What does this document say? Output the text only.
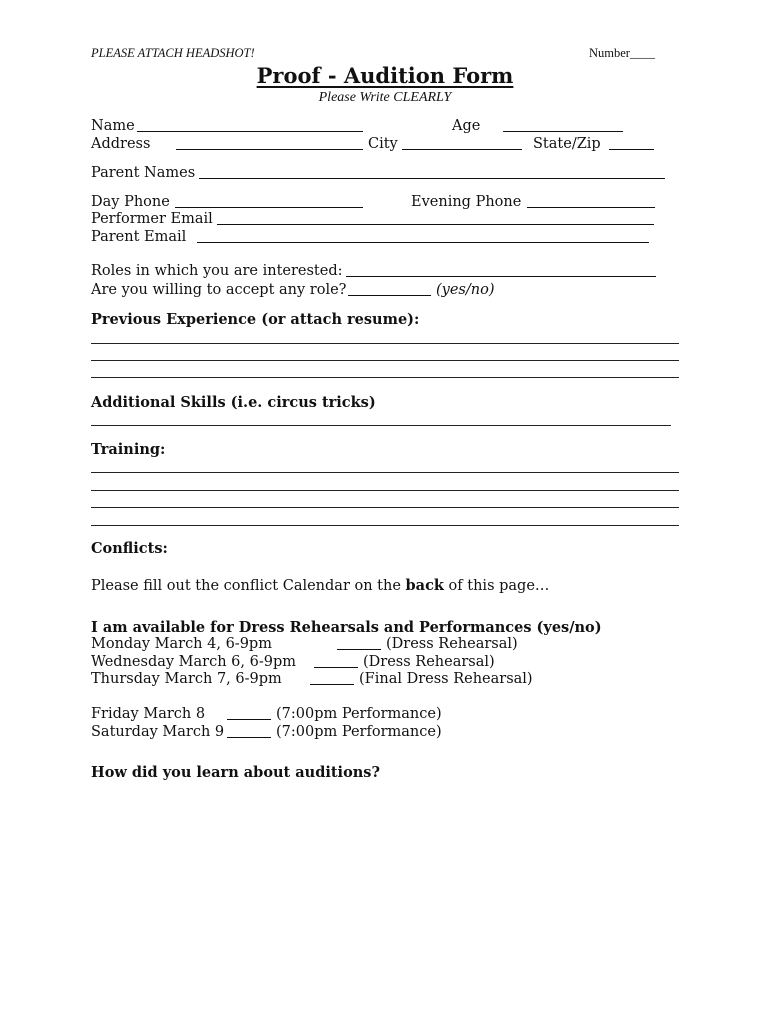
PLEASE ATTACH HEADSHOT!	Number____
Proof - Audition Form
Please Write CLEARLY
Name	Age
Address	City	State/Zip
Parent Names
Day Phone	Evening Phone
Performer Email
Parent Email
Roles in which you are interested:
Are you willing to accept any role?	(yes/no)
Previous Experience (or attach resume):
Additional Skills (i.e. circus tricks)
Training:
Conflicts:
Please fill out the conflict Calendar on the back of this page…
I am available for Dress Rehearsals and Performances (yes/no)
Monday March 4, 6-9pm	(Dress Rehearsal)
Wednesday March 6, 6-9pm	(Dress Rehearsal)
Thursday March 7, 6-9pm	(Final Dress Rehearsal)
Friday March 8	(7:00pm Performance)
Saturday March 9	(7:00pm Performance)
How did you learn about auditions?
